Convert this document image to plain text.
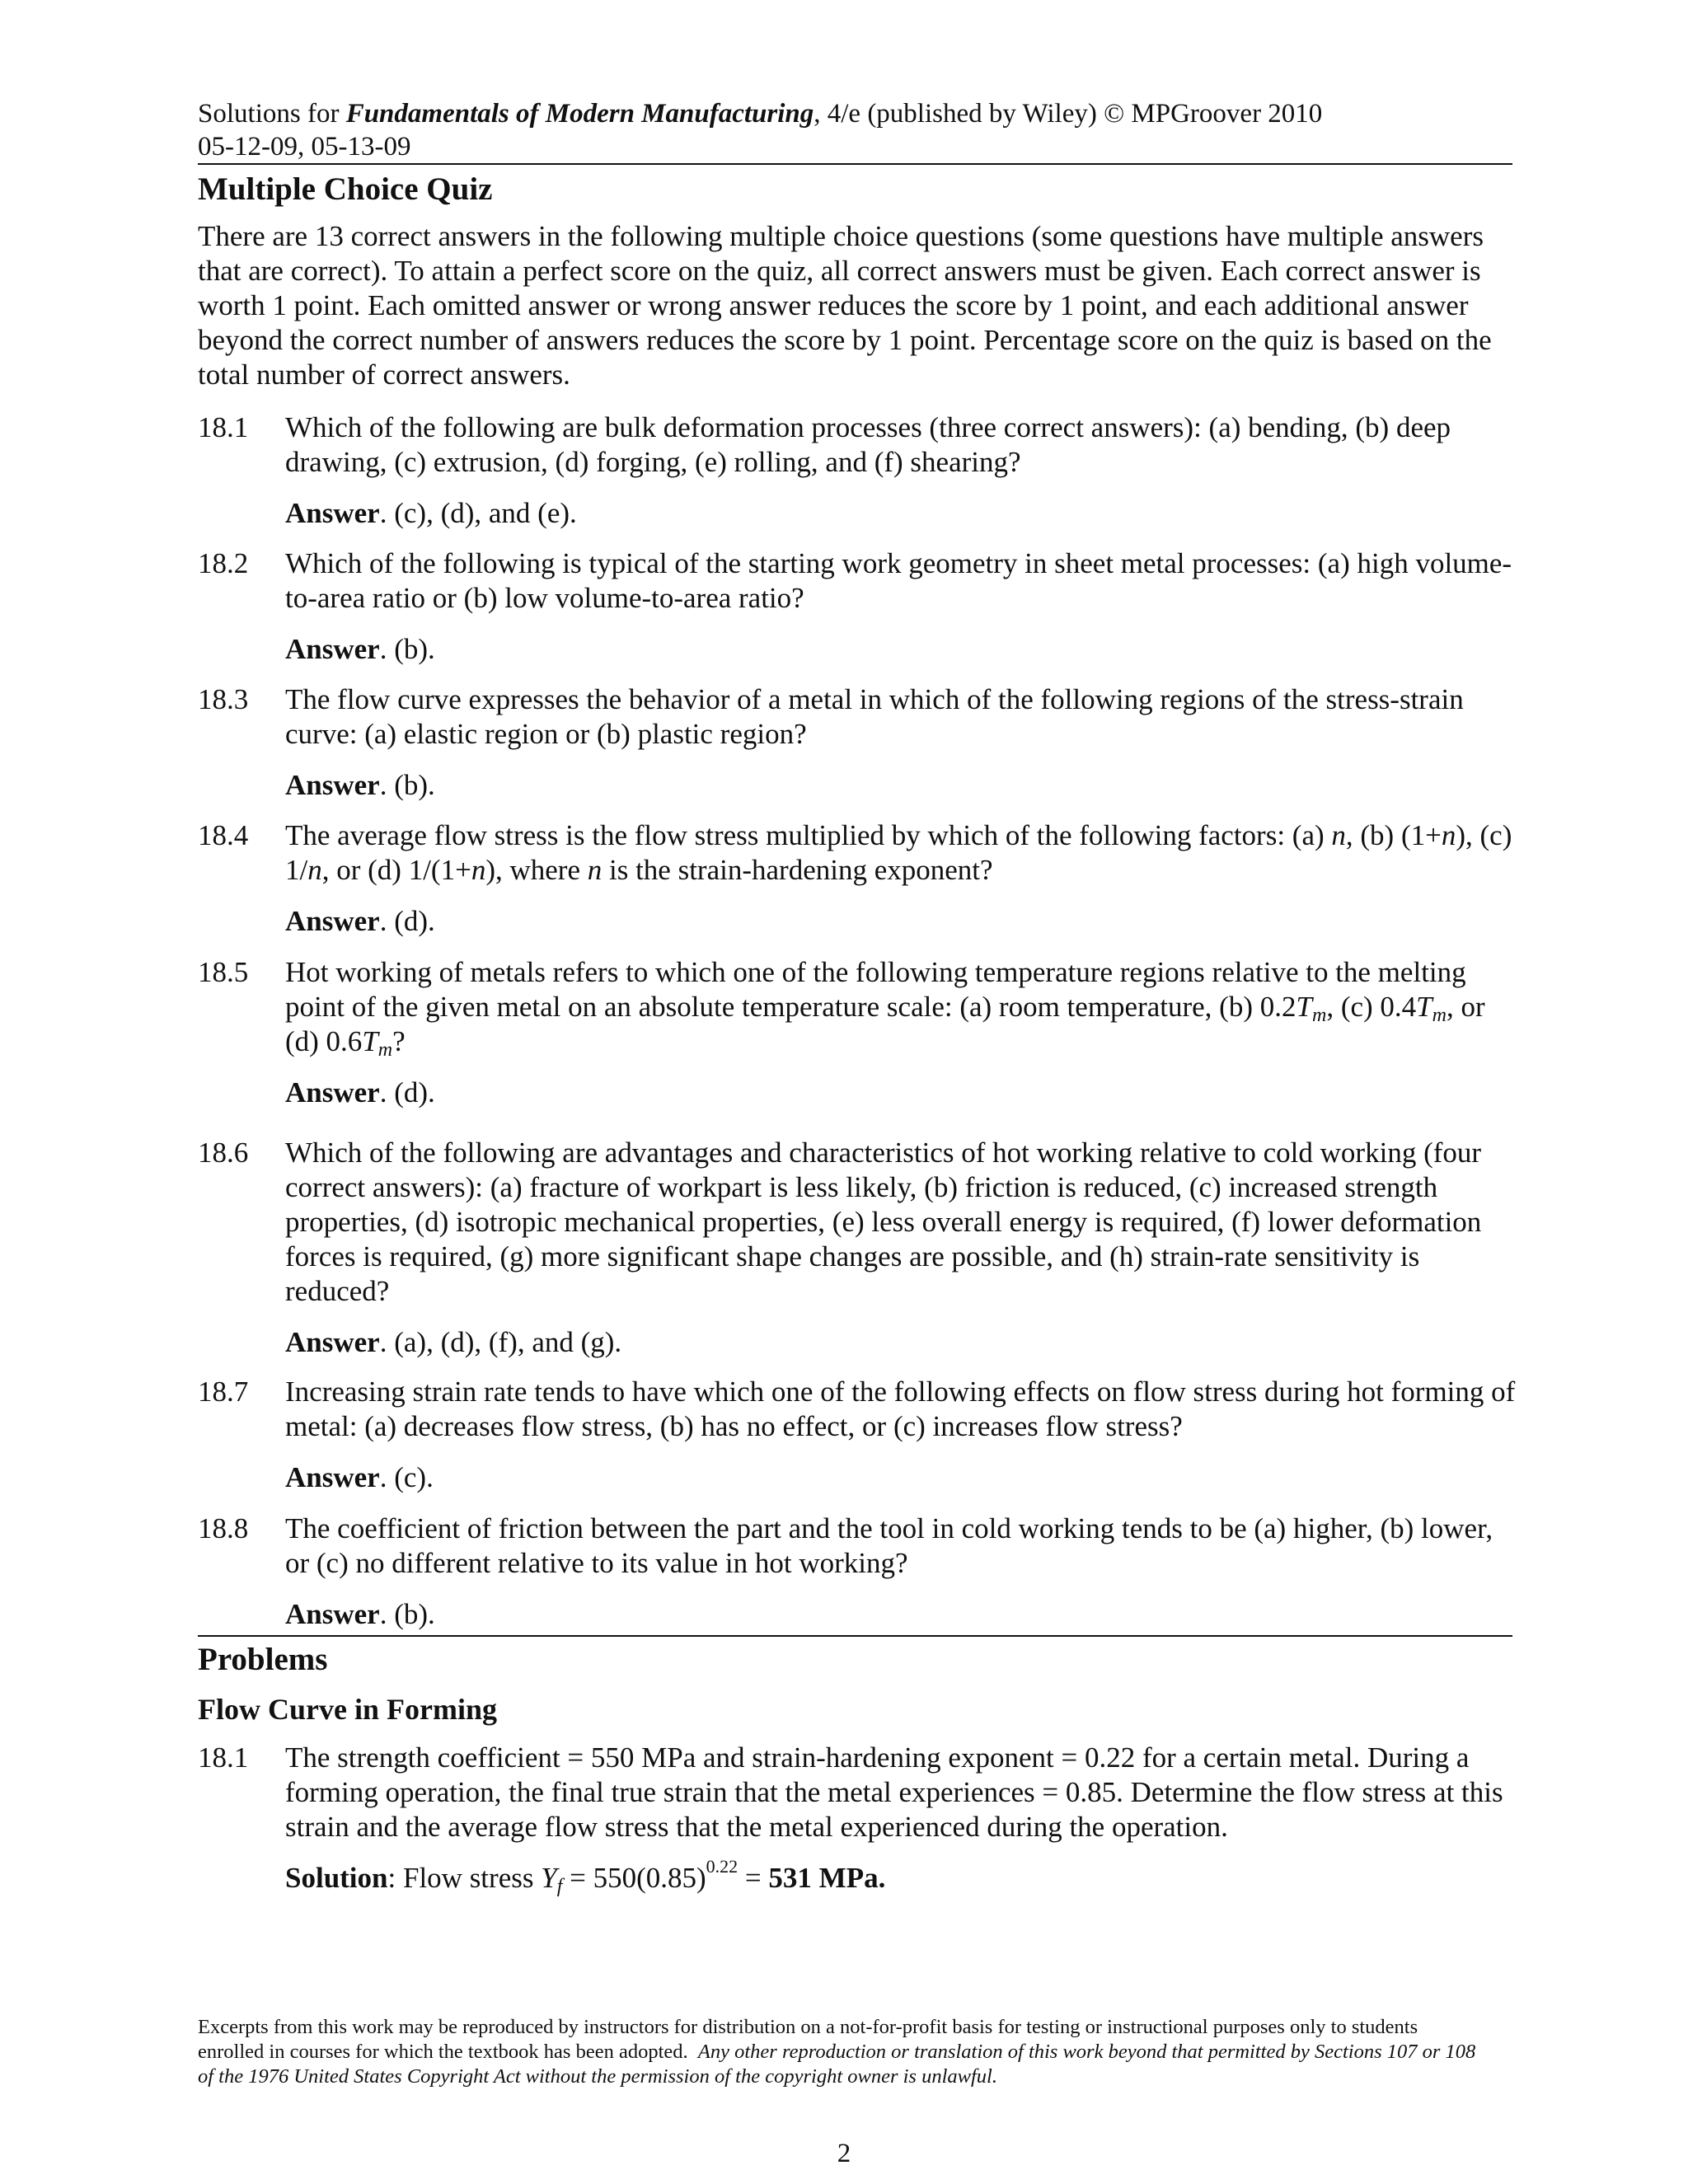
Solutions for Fundamentals of Modern Manufacturing, 4/e (published by Wiley) © MPGroover 2010
05-12-09, 05-13-09
Multiple Choice Quiz
There are 13 correct answers in the following multiple choice questions (some questions have multiple answers that are correct). To attain a perfect score on the quiz, all correct answers must be given. Each correct answer is worth 1 point. Each omitted answer or wrong answer reduces the score by 1 point, and each additional answer beyond the correct number of answers reduces the score by 1 point. Percentage score on the quiz is based on the total number of correct answers.
18.1	Which of the following are bulk deformation processes (three correct answers): (a) bending, (b) deep drawing, (c) extrusion, (d) forging, (e) rolling, and (f) shearing?
Answer. (c), (d), and (e).
18.2	Which of the following is typical of the starting work geometry in sheet metal processes: (a) high volume-to-area ratio or (b) low volume-to-area ratio?
Answer. (b).
18.3	The flow curve expresses the behavior of a metal in which of the following regions of the stress-strain curve: (a) elastic region or (b) plastic region?
Answer. (b).
18.4	The average flow stress is the flow stress multiplied by which of the following factors: (a) n, (b) (1+n), (c) 1/n, or (d) 1/(1+n), where n is the strain-hardening exponent?
Answer. (d).
18.5	Hot working of metals refers to which one of the following temperature regions relative to the melting point of the given metal on an absolute temperature scale: (a) room temperature, (b) $0.2T_m$, (c) $0.4T_m$, or (d) $0.6T_m$?
Answer. (d).
18.6	Which of the following are advantages and characteristics of hot working relative to cold working (four correct answers): (a) fracture of workpart is less likely, (b) friction is reduced, (c) increased strength properties, (d) isotropic mechanical properties, (e) less overall energy is required, (f) lower deformation forces is required, (g) more significant shape changes are possible, and (h) strain-rate sensitivity is reduced?
Answer. (a), (d), (f), and (g).
18.7	Increasing strain rate tends to have which one of the following effects on flow stress during hot forming of metal: (a) decreases flow stress, (b) has no effect, or (c) increases flow stress?
Answer. (c).
18.8	The coefficient of friction between the part and the tool in cold working tends to be (a) higher, (b) lower, or (c) no different relative to its value in hot working?
Answer. (b).
Problems
Flow Curve in Forming
18.1	The strength coefficient = 550 MPa and strain-hardening exponent = 0.22 for a certain metal. During a forming operation, the final true strain that the metal experiences = 0.85. Determine the flow stress at this strain and the average flow stress that the metal experienced during the operation.
Solution: Flow stress $Y_f = 550(0.85)^{0.22} = 531$ MPa.
Excerpts from this work may be reproduced by instructors for distribution on a not-for-profit basis for testing or instructional purposes only to students enrolled in courses for which the textbook has been adopted. Any other reproduction or translation of this work beyond that permitted by Sections 107 or 108 of the 1976 United States Copyright Act without the permission of the copyright owner is unlawful.
2
